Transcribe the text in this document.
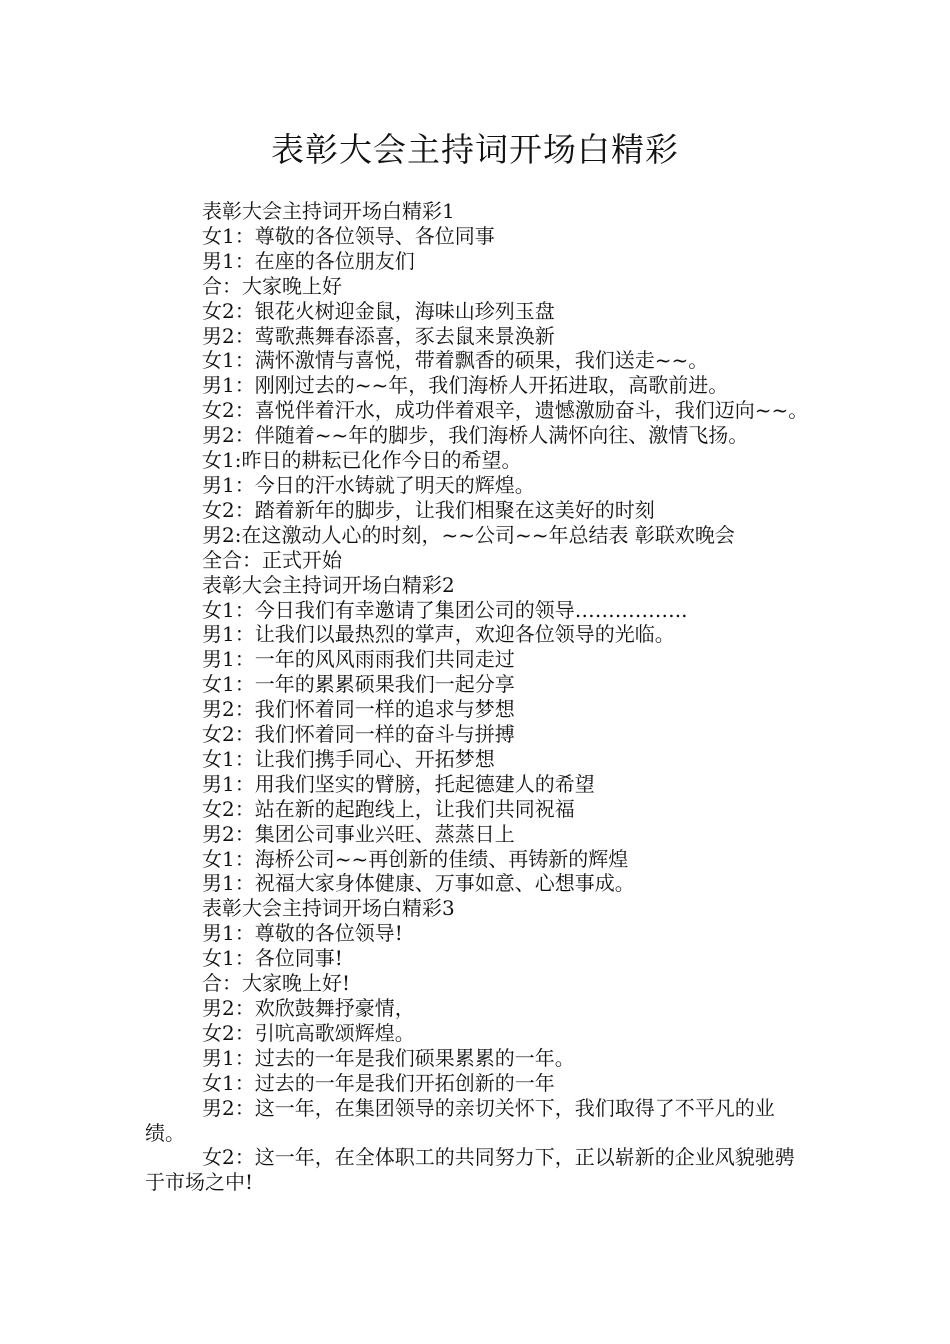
表彰大会主持词开场白精彩

表彰大会主持词开场白精彩1

女1：尊敬的各位领导、各位同事

男1：在座的各位朋友们

合：大家晚上好

女2：银花火树迎金鼠，海味山珍列玉盘

男2：莺歌燕舞春添喜，豕去鼠来景涣新

女1：满怀激情与喜悦，带着飘香的硕果，我们送走~~。

男1：刚刚过去的~~年，我们海桥人开拓进取，高歌前进。

女2：喜悦伴着汗水，成功伴着艰辛，遗憾激励奋斗，我们迈向~~。

男2：伴随着~~年的脚步，我们海桥人满怀向往、激情飞扬。

女1:昨日的耕耘已化作今日的希望。

男1：今日的汗水铸就了明天的辉煌。

女2：踏着新年的脚步，让我们相聚在这美好的时刻

男2:在这激动人心的时刻，~~公司~~年总结表 彰联欢晚会

全合：正式开始

表彰大会主持词开场白精彩2

女1：今日我们有幸邀请了集团公司的领导……………..

男1：让我们以最热烈的掌声，欢迎各位领导的光临。

男1：一年的风风雨雨我们共同走过

女1：一年的累累硕果我们一起分享

男2：我们怀着同一样的追求与梦想

女2：我们怀着同一样的奋斗与拼搏

女1：让我们携手同心、开拓梦想

男1：用我们坚实的臂膀，托起德建人的希望

女2：站在新的起跑线上，让我们共同祝福

男2：集团公司事业兴旺、蒸蒸日上

女1：海桥公司~~再创新的佳绩、再铸新的辉煌

男1：祝福大家身体健康、万事如意、心想事成。

表彰大会主持词开场白精彩3

男1：尊敬的各位领导!

女1：各位同事!

合：大家晚上好!

男2：欢欣鼓舞抒豪情，

女2：引吭高歌颂辉煌。

男1：过去的一年是我们硕果累累的一年。

女1：过去的一年是我们开拓创新的一年

男2：这一年，在集团领导的亲切关怀下，我们取得了不平凡的业绩。

女2：这一年，在全体职工的共同努力下，正以崭新的企业风貌驰骋于市场之中!
